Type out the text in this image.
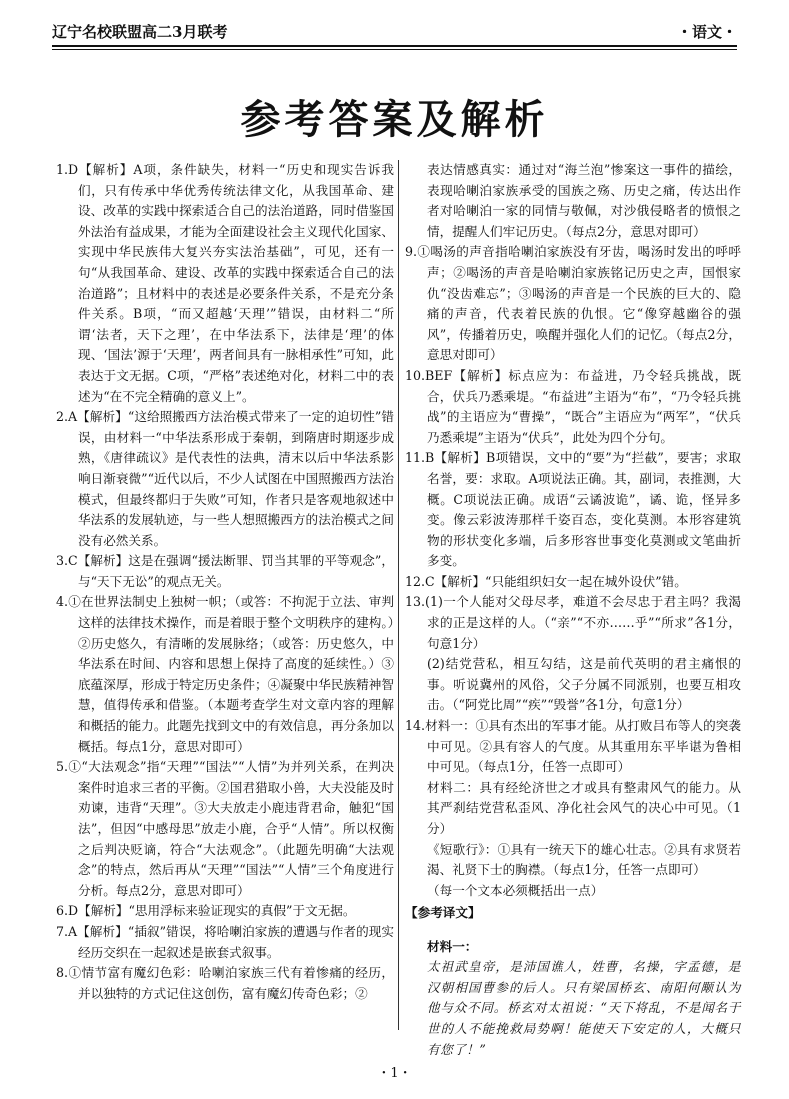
辽宁名校联盟高二3月联考	・语文・
参考答案及解析

1.D【解析】A项，条件缺失，材料一“历史和现实告诉我们，只有传承中华优秀传统法律文化，从我国革命、建设、改革的实践中探索适合自己的法治道路，同时借鉴国外法治有益成果，才能为全面建设社会主义现代化国家、实现中华民族伟大复兴夯实法治基础”，可见，还有一句“从我国革命、建设、改革的实践中探索适合自己的法治道路”；且材料中的表述是必要条件关系，不是充分条件关系。B项，“而又超越‘天理’”错误，由材料二“所谓‘法者，天下之理’，在中华法系下，法律是‘理’的体现、‘国法’源于‘天理’，两者间具有一脉相承性”可知，此表达于文无据。C项，“严格”表述绝对化，材料二中的表述为“在不完全精确的意义上”。

2.A【解析】“这给照搬西方法治模式带来了一定的迫切性”错误，由材料一“中华法系形成于秦朝，到隋唐时期逐步成熟，《唐律疏议》是代表性的法典，清末以后中华法系影响日渐衰微”“近代以后，不少人试图在中国照搬西方法治模式，但最终都归于失败”可知，作者只是客观地叙述中华法系的发展轨迹，与一些人想照搬西方的法治模式之间没有必然关系。

3.C【解析】这是在强调“援法断罪、罚当其罪的平等观念”，与“天下无讼”的观点无关。

4.①在世界法制史上独树一帜；（或答：不拘泥于立法、审判这样的法律技术操作，而是着眼于整个文明秩序的建构。）②历史悠久，有清晰的发展脉络；（或答：历史悠久，中华法系在时间、内容和思想上保持了高度的延续性。）③底蕴深厚，形成于特定历史条件；④凝聚中华民族精神智慧，值得传承和借鉴。（本题考查学生对文章内容的理解和概括的能力。此题先找到文中的有效信息，再分条加以概括。每点1分，意思对即可）

5.①“大法观念”指“天理”“国法”“人情”为并列关系，在判决案件时追求三者的平衡。②国君猎取小兽，大夫没能及时劝谏，违背“天理”。③大夫放走小鹿违背君命，触犯“国法”，但因“中感母思”放走小鹿，合乎“人情”。所以权衡之后判决贬谪，符合“大法观念”。（此题先明确“大法观念”的特点，然后再从“天理”“国法”“人情”三个角度进行分析。每点2分，意思对即可）

6.D【解析】“思用浮标来验证现实的真假”于文无据。

7.A【解析】“插叙”错误，将哈喇泊家族的遭遇与作者的现实经历交织在一起叙述是嵌套式叙事。

8.①情节富有魔幻色彩：哈喇泊家族三代有着惨痛的经历，并以独特的方式记住这创伤，富有魔幻传奇色彩；②

表达情感真实：通过对“海兰泡”惨案这一事件的描绘，表现哈喇泊家族承受的国族之殇、历史之痛，传达出作者对哈喇泊一家的同情与敬佩，对沙俄侵略者的愤恨之情，提醒人们牢记历史。（每点2分，意思对即可）

9.①喝汤的声音指哈喇泊家族没有牙齿，喝汤时发出的呼呼声；②喝汤的声音是哈喇泊家族铭记历史之声，国恨家仇“没齿难忘”；③喝汤的声音是一个民族的巨大的、隐痛的声音，代表着民族的仇恨。它“像穿越幽谷的强风”，传播着历史，唤醒并强化人们的记忆。（每点2分，意思对即可）

10.BEF【解析】标点应为：布益进，乃令轻兵挑战，既合，伏兵乃悉乘堤。“布益进”主语为“布”，“乃令轻兵挑战”的主语应为“曹操”，“既合”主语应为“两军”，“伏兵乃悉乘堤”主语为“伏兵”，此处为四个分句。

11.B【解析】B项错误，文中的“要”为“拦截”，要害；求取名誉，要：求取。A项说法正确。其，副词，表推测，大概。C项说法正确。成语“云谲波诡”，谲、诡，怪异多变。像云彩波涛那样千姿百态，变化莫测。本形容建筑物的形状变化多端，后多形容世事变化莫测或文笔曲折多变。

12.C【解析】“只能组织妇女一起在城外设伏”错。

13.(1)一个人能对父母尽孝，难道不会尽忠于君主吗？我渴求的正是这样的人。（“亲”“不亦……乎”“所求”各1分，句意1分）

(2)结党营私，相互勾结，这是前代英明的君主痛恨的事。听说冀州的风俗，父子分属不同派别，也要互相攻击。（“阿党比周”“疾”“毁誉”各1分，句意1分）

14.材料一：①具有杰出的军事才能。从打败吕布等人的突袭中可见。②具有容人的气度。从其重用东平毕谌为鲁相中可见。（每点1分，任答一点即可）

材料二：具有经纶济世之才或具有整肃风气的能力。从其严刹结党营私歪风、净化社会风气的决心中可见。（1分）

《短歌行》：①具有一统天下的雄心壮志。②具有求贤若渴、礼贤下士的胸襟。（每点1分，任答一点即可）

（每一个文本必须概括出一点）

【参考译文】

材料一：

太祖武皇帝，是沛国谯人，姓曹，名操，字孟德，是汉朝相国曹参的后人。只有梁国桥玄、南阳何颙认为他与众不同。桥玄对太祖说：“天下将乱，不是闻名于世的人不能挽救局势啊！能使天下安定的人，大概只有您了！”

・1・
